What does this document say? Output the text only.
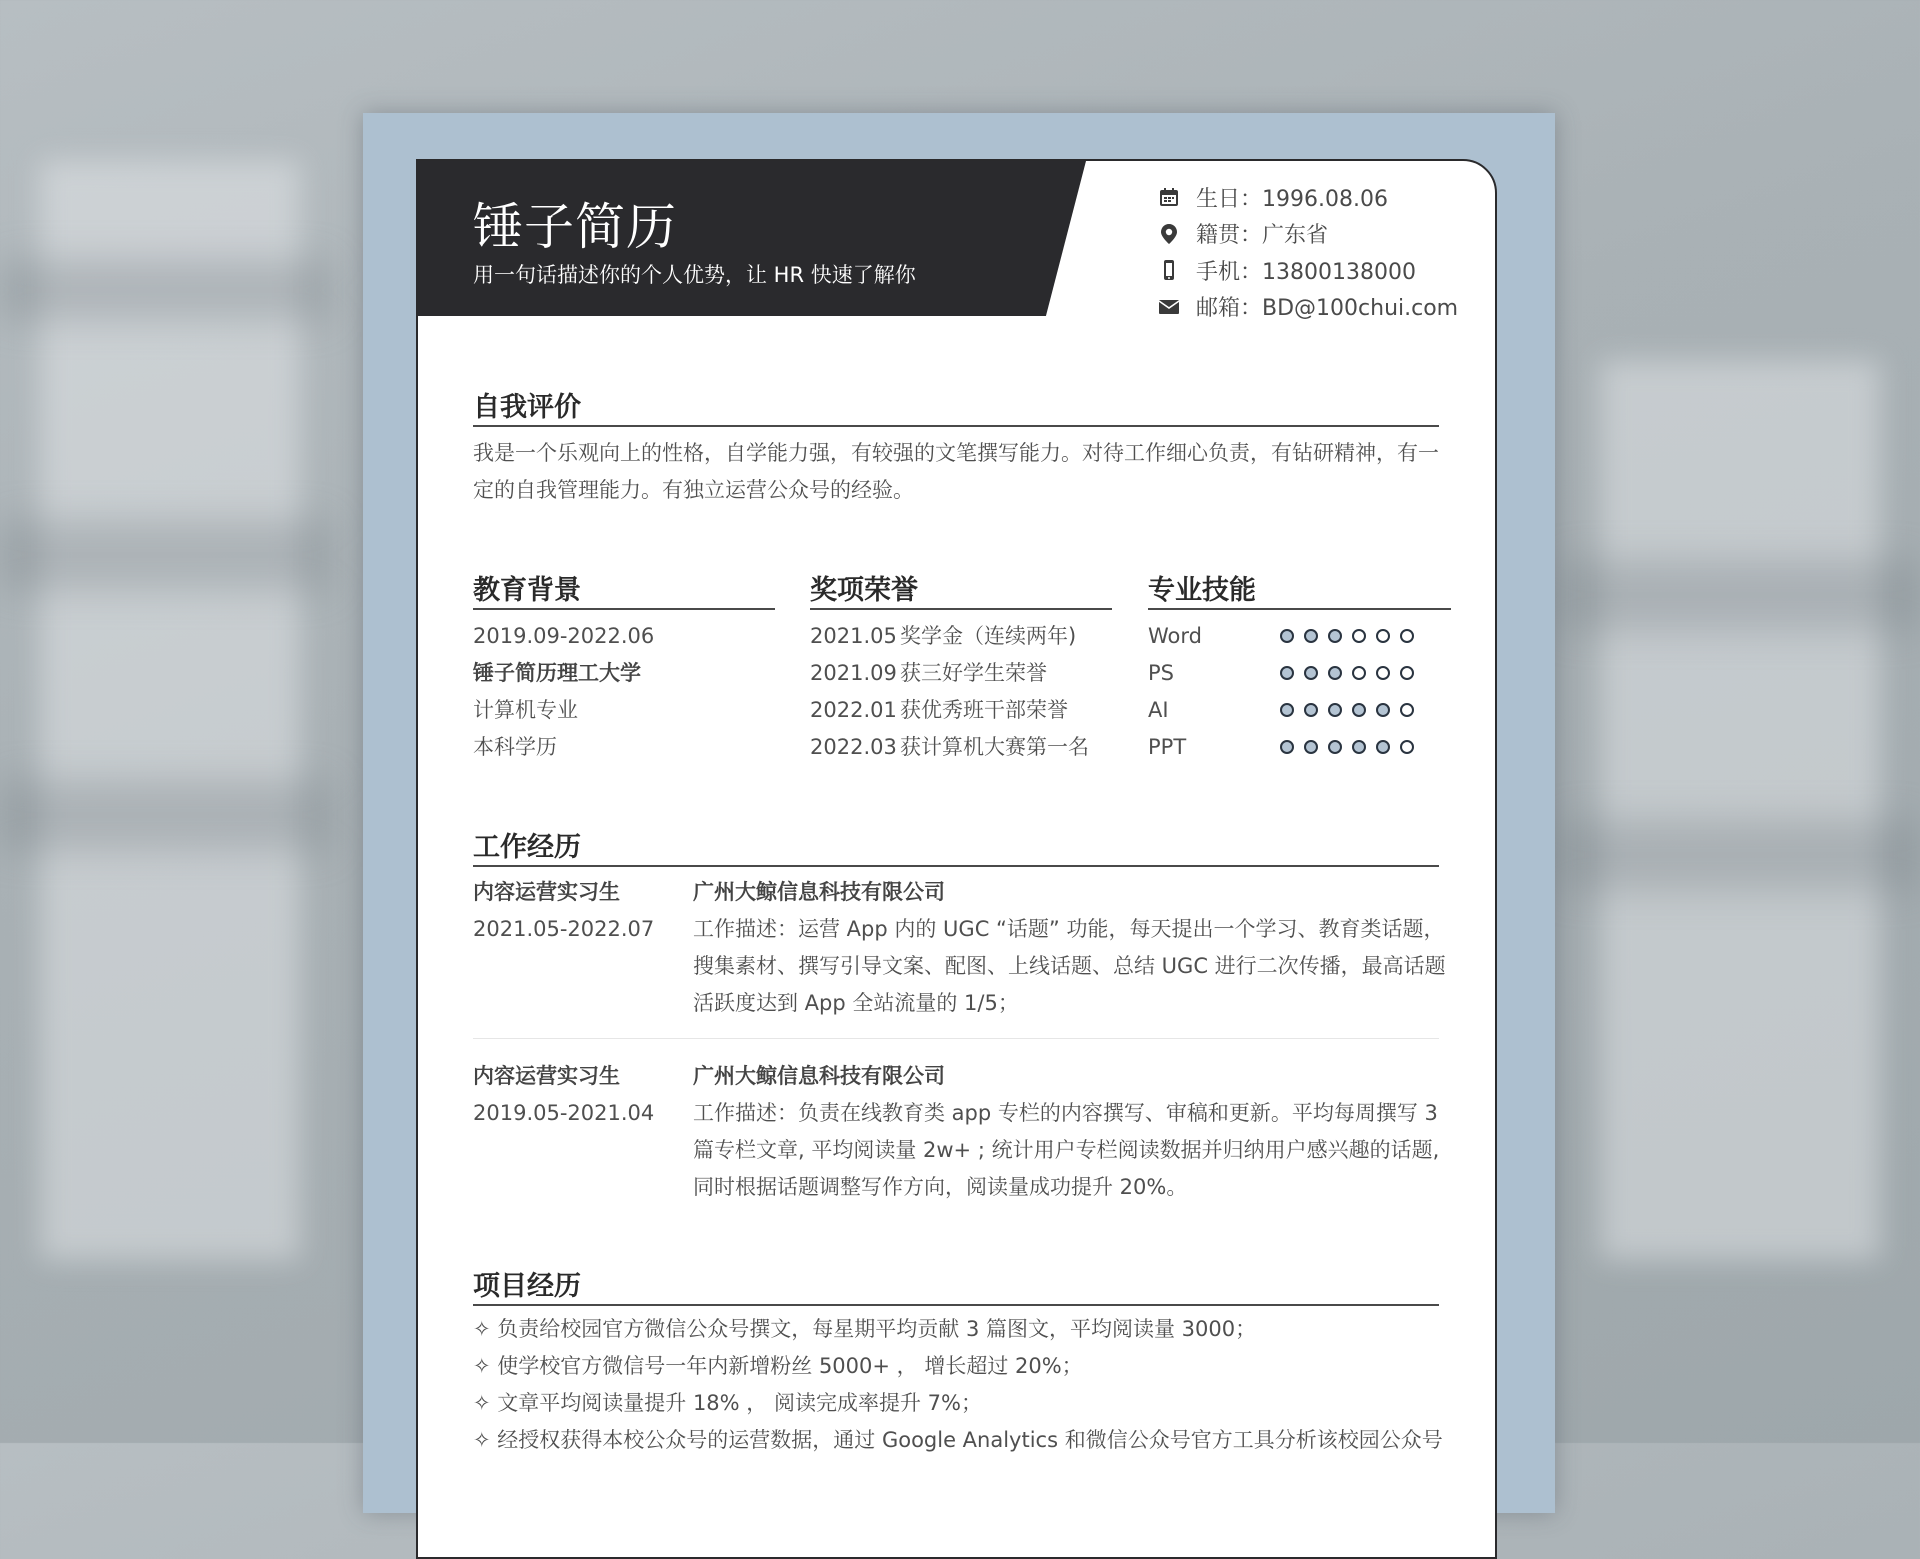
锤子简历
用一句话描述你的个人优势，让 HR 快速了解你
生日：1996.08.06
籍贯：广东省
手机：13800138000
邮箱：BD@100chui.com
自我评价
我是一个乐观向上的性格，自学能力强，有较强的文笔撰写能力。对待工作细心负责，有钻研精神，有一
定的自我管理能力。有独立运营公众号的经验。
教育背景
2019.09-2022.06
锤子简历理工大学
计算机专业
本科学历
奖项荣誉
2021.05 奖学金（连续两年)
2021.09 获三好学生荣誉
2022.01 获优秀班干部荣誉
2022.03 获计算机大赛第一名
专业技能
Word
PS
AI
PPT
工作经历
内容运营实习生	广州大鲸信息科技有限公司
2021.05-2022.07 工作描述：运营 App 内的 UGC “话题” 功能，每天提出一个学习、教育类话题，
搜集素材、撰写引导文案、配图、上线话题、总结 UGC 进行二次传播，最高话题
活跃度达到 App 全站流量的 1/5；
内容运营实习生	广州大鲸信息科技有限公司
2019.05-2021.04 工作描述：负责在线教育类 app 专栏的内容撰写、审稿和更新。平均每周撰写 3
篇专栏文章, 平均阅读量 2w+ ; 统计用户专栏阅读数据并归纳用户感兴趣的话题,
同时根据话题调整写作方向，阅读量成功提升 20%。
项目经历
✧ 负责给校园官方微信公众号撰文，每星期平均贡献 3 篇图文，平均阅读量 3000；
✧ 使学校官方微信号一年内新增粉丝 5000+ ， 增长超过 20%；
✧ 文章平均阅读量提升 18% ， 阅读完成率提升 7%；
✧ 经授权获得本校公众号的运营数据，通过 Google Analytics 和微信公众号官方工具分析该校园公众号
